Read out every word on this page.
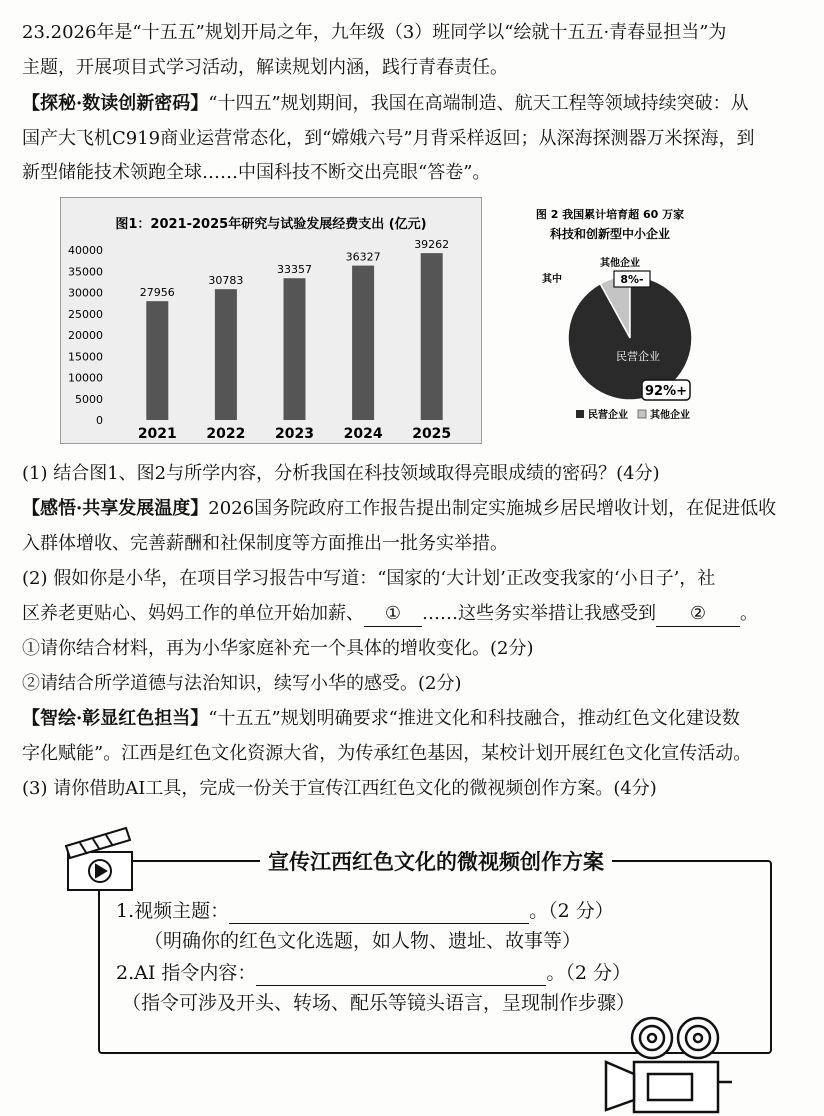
23.2026年是“十五五”规划开局之年，九年级（3）班同学以“绘就十五五·青春显担当”为
主题，开展项目式学习活动，解读规划内涵，践行青春责任。
【探秘·数读创新密码】“十四五”规划期间，我国在高端制造、航天工程等领域持续突破：从
国产大飞机C919商业运营常态化，到“嫦娥六号”月背采样返回；从深海探测器万米探海，到
新型储能技术领跑全球……中国科技不断交出亮眼“答卷”。
图1：2021-2025年研究与试验发展经费支出 (亿元)
40000
35000
30000
25000
20000
15000
10000
5000
0
27956
2021
30783
2022
33357
2023
36327
2024
39262
2025
图 2 我国累计培育超 60 万家
科技和创新型中小企业
民营企业
其中
其他企业
8%-
92%+
民营企业 其他企业
(1) 结合图1、图2与所学内容，分析我国在科技领域取得亮眼成绩的密码？(4分)
【感悟·共享发展温度】2026国务院政府工作报告提出制定实施城乡居民增收计划，在促进低收
入群体增收、完善薪酬和社保制度等方面推出一批务实举措。
(2) 假如你是小华，在项目学习报告中写道：“国家的‘大计划’正改变我家的‘小日子’，社
区养老更贴心、妈妈工作的单位开始加薪、 ① ……这些务实举措让我感受到 ② 。
①请你结合材料，再为小华家庭补充一个具体的增收变化。(2分)
②请结合所学道德与法治知识，续写小华的感受。(2分)
【智绘·彰显红色担当】“十五五”规划明确要求“推进文化和科技融合，推动红色文化建设数
字化赋能”。江西是红色文化资源大省，为传承红色基因，某校计划开展红色文化宣传活动。
(3) 请你借助AI工具，完成一份关于宣传江西红色文化的微视频创作方案。(4分)
宣传江西红色文化的微视频创作方案
1.视频主题：	。（2 分）
（明确你的红色文化选题，如人物、遗址、故事等）
2.AI 指令内容：	。（2 分）
（指令可涉及开头、转场、配乐等镜头语言，呈现制作步骤）
